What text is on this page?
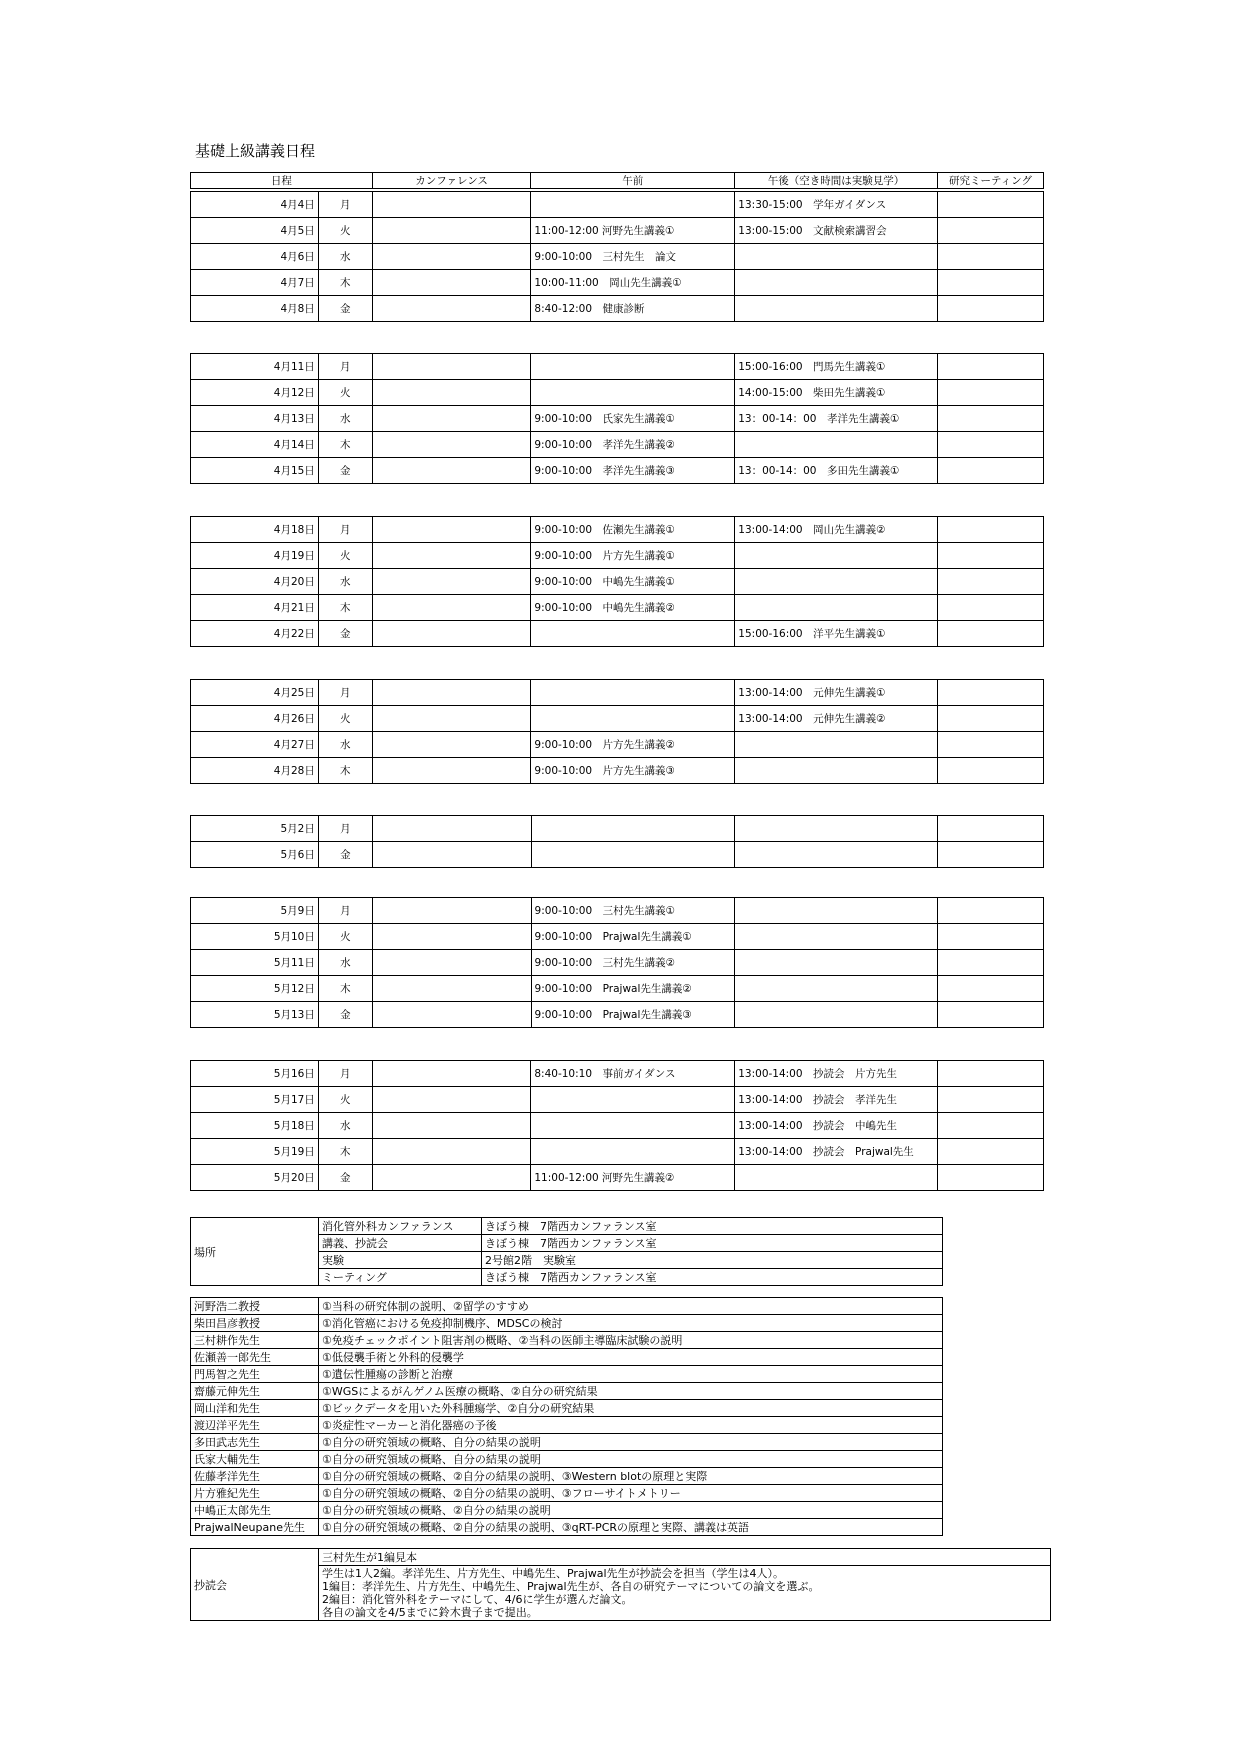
基礎上級講義日程
日程	カンファレンス	午前	午後（空き時間は実験見学）	研究ミーティング
4月4日	月			13:30-15:00　学年ガイダンス	
4月5日	火		11:00-12:00 河野先生講義①	13:00-15:00　文献検索講習会	
4月6日	水		9:00-10:00　三村先生　論文		
4月7日	木		10:00-11:00　岡山先生講義①		
4月8日	金		8:40-12:00　健康診断		
4月11日	月			15:00-16:00　門馬先生講義①	
4月12日	火			14:00-15:00　柴田先生講義①	
4月13日	水		9:00-10:00　氏家先生講義①	13：00-14：00　孝洋先生講義①	
4月14日	木		9:00-10:00　孝洋先生講義②		
4月15日	金		9:00-10:00　孝洋先生講義③	13：00-14：00　多田先生講義①	
4月18日	月		9:00-10:00　佐瀬先生講義①	13:00-14:00　岡山先生講義②	
4月19日	火		9:00-10:00　片方先生講義①		
4月20日	水		9:00-10:00　中嶋先生講義①		
4月21日	木		9:00-10:00　中嶋先生講義②		
4月22日	金			15:00-16:00　洋平先生講義①	
4月25日	月			13:00-14:00　元伸先生講義①	
4月26日	火			13:00-14:00　元伸先生講義②	
4月27日	水		9:00-10:00　片方先生講義②		
4月28日	木		9:00-10:00　片方先生講義③		
5月2日	月				
5月6日	金				
5月9日	月		9:00-10:00　三村先生講義①		
5月10日	火		9:00-10:00　Prajwal先生講義①		
5月11日	水		9:00-10:00　三村先生講義②		
5月12日	木		9:00-10:00　Prajwal先生講義②		
5月13日	金		9:00-10:00　Prajwal先生講義③		
5月16日	月		8:40-10:10　事前ガイダンス	13:00-14:00　抄読会　片方先生	
5月17日	火			13:00-14:00　抄読会　孝洋先生	
5月18日	水			13:00-14:00　抄読会　中嶋先生	
5月19日	木			13:00-14:00　抄読会　Prajwal先生	
5月20日	金		11:00-12:00 河野先生講義②		
場所	消化管外科カンファランス	きぼう棟　7階西カンファランス室
	講義、抄読会	きぼう棟　7階西カンファランス室
	実験	2号館2階　実験室
	ミーティング	きぼう棟　7階西カンファランス室
河野浩二教授	①当科の研究体制の説明、②留学のすすめ
柴田昌彦教授	①消化管癌における免疫抑制機序、MDSCの検討
三村耕作先生	①免疫チェックポイント阻害剤の概略、②当科の医師主導臨床試験の説明
佐瀬善一郎先生	①低侵襲手術と外科的侵襲学
門馬智之先生	①遺伝性腫瘍の診断と治療
齋藤元伸先生	①WGSによるがんゲノム医療の概略、②自分の研究結果
岡山洋和先生	①ビックデータを用いた外科腫瘍学、②自分の研究結果
渡辺洋平先生	①炎症性マーカーと消化器癌の予後
多田武志先生	①自分の研究領域の概略、自分の結果の説明
氏家大輔先生	①自分の研究領域の概略、自分の結果の説明
佐藤孝洋先生	①自分の研究領域の概略、②自分の結果の説明、③Western blotの原理と実際
片方雅紀先生	①自分の研究領域の概略、②自分の結果の説明、③フローサイトメトリー
中嶋正太郎先生	①自分の研究領域の概略、②自分の結果の説明
PrajwalNeupane先生	①自分の研究領域の概略、②自分の結果の説明、③qRT-PCRの原理と実際、講義は英語
抄読会	三村先生が1編見本

学生は1人2編。孝洋先生、片方先生、中嶋先生、Prajwal先生が抄読会を担当（学生は4人）。
1編目：孝洋先生、片方先生、中嶋先生、Prajwal先生が、各自の研究テーマについての論文を選ぶ。
2編目：消化管外科をテーマにして、4/6に学生が選んだ論文。
各自の論文を4/5までに鈴木貴子まで提出。
